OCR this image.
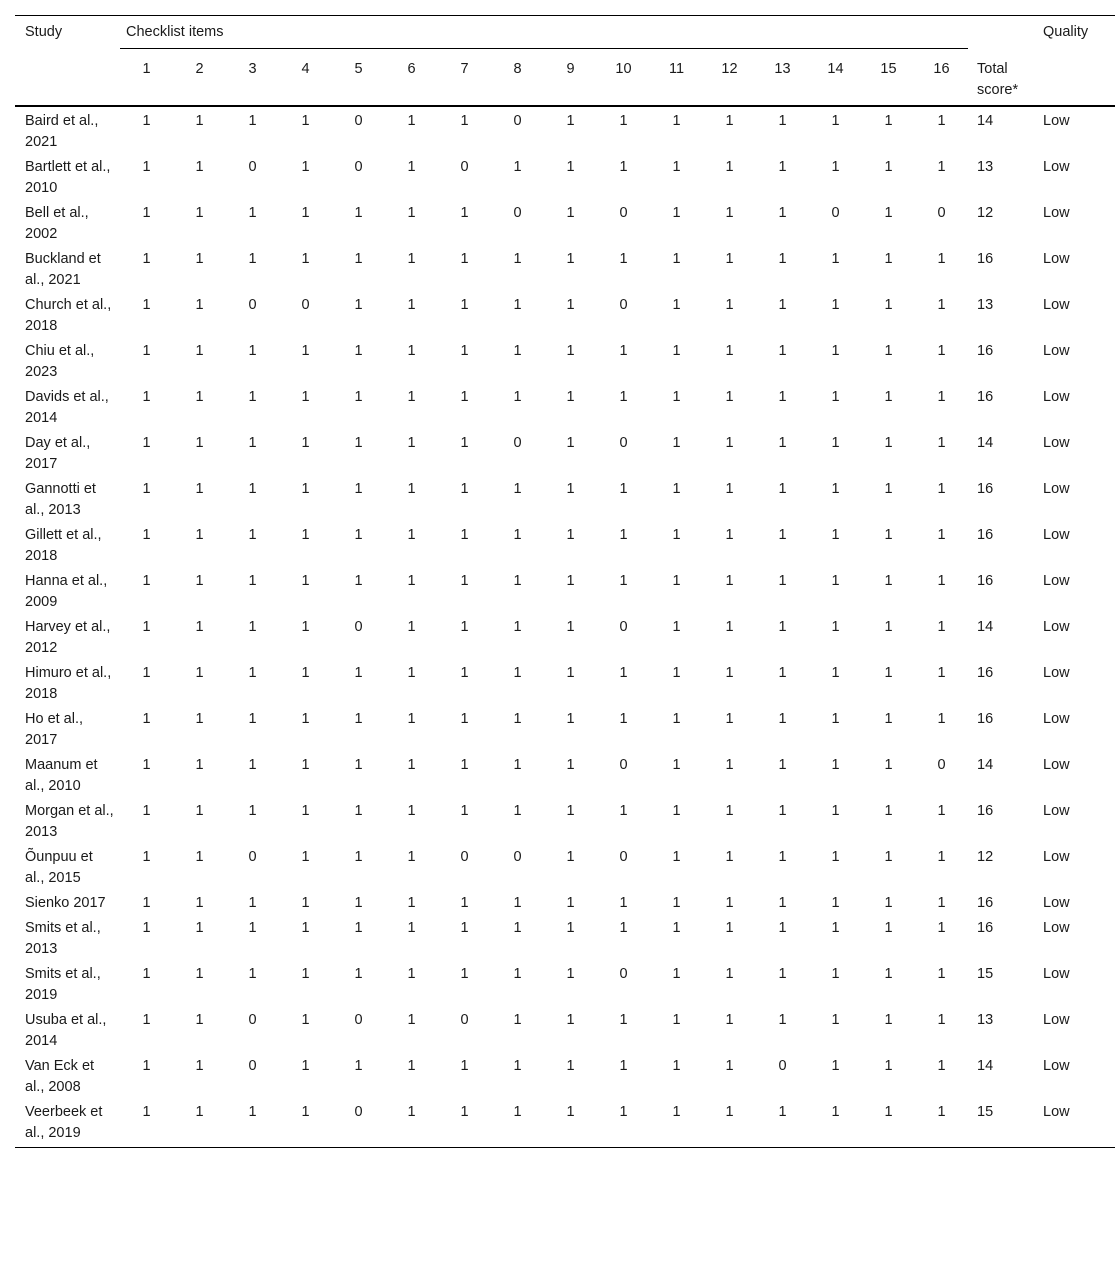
Study	Checklist items																	Quality
	1	2	3	4	5	6	7	8	9	10	11	12	13	14	15	16	Total score*	
Baird et al., 2021	1	1	1	1	0	1	1	0	1	1	1	1	1	1	1	1	14	Low
Bartlett et al., 2010	1	1	0	1	0	1	0	1	1	1	1	1	1	1	1	1	13	Low
Bell et al., 2002	1	1	1	1	1	1	1	0	1	0	1	1	1	0	1	0	12	Low
Buckland et al., 2021	1	1	1	1	1	1	1	1	1	1	1	1	1	1	1	1	16	Low
Church et al., 2018	1	1	0	0	1	1	1	1	1	0	1	1	1	1	1	1	13	Low
Chiu et al., 2023	1	1	1	1	1	1	1	1	1	1	1	1	1	1	1	1	16	Low
Davids et al., 2014	1	1	1	1	1	1	1	1	1	1	1	1	1	1	1	1	16	Low
Day et al., 2017	1	1	1	1	1	1	1	0	1	0	1	1	1	1	1	1	14	Low
Gannotti et al., 2013	1	1	1	1	1	1	1	1	1	1	1	1	1	1	1	1	16	Low
Gillett et al., 2018	1	1	1	1	1	1	1	1	1	1	1	1	1	1	1	1	16	Low
Hanna et al., 2009	1	1	1	1	1	1	1	1	1	1	1	1	1	1	1	1	16	Low
Harvey et al., 2012	1	1	1	1	0	1	1	1	1	0	1	1	1	1	1	1	14	Low
Himuro et al., 2018	1	1	1	1	1	1	1	1	1	1	1	1	1	1	1	1	16	Low
Ho et al., 2017	1	1	1	1	1	1	1	1	1	1	1	1	1	1	1	1	16	Low
Maanum et al., 2010	1	1	1	1	1	1	1	1	1	0	1	1	1	1	1	0	14	Low
Morgan et al., 2013	1	1	1	1	1	1	1	1	1	1	1	1	1	1	1	1	16	Low
Õunpuu et al., 2015	1	1	0	1	1	1	0	0	1	0	1	1	1	1	1	1	12	Low
Sienko 2017	1	1	1	1	1	1	1	1	1	1	1	1	1	1	1	1	16	Low
Smits et al., 2013	1	1	1	1	1	1	1	1	1	1	1	1	1	1	1	1	16	Low
Smits et al., 2019	1	1	1	1	1	1	1	1	1	0	1	1	1	1	1	1	15	Low
Usuba et al., 2014	1	1	0	1	0	1	0	1	1	1	1	1	1	1	1	1	13	Low
Van Eck et al., 2008	1	1	0	1	1	1	1	1	1	1	1	1	0	1	1	1	14	Low
Veerbeek et al., 2019	1	1	1	1	0	1	1	1	1	1	1	1	1	1	1	1	15	Low
